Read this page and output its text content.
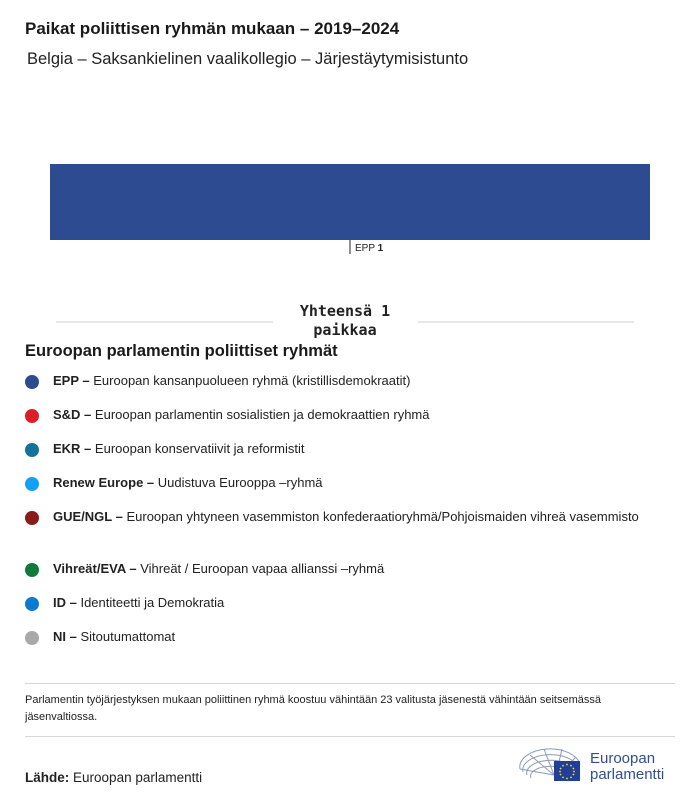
Paikat poliittisen ryhmän mukaan – 2019–2024
Belgia – Saksankielinen vaalikollegio – Järjestäytymisistunto
EPP 1
Yhteensä 1
paikkaa
Euroopan parlamentin poliittiset ryhmät
EPP – Euroopan kansanpuolueen ryhmä (kristillisdemokraatit)
S&D – Euroopan parlamentin sosialistien ja demokraattien ryhmä
EKR – Euroopan konservatiivit ja reformistit
Renew Europe – Uudistuva Eurooppa –ryhmä
GUE/NGL – Euroopan yhtyneen vasemmiston konfederaatioryhmä/Pohjoismaiden vihreä vasemmisto
Vihreät/EVA – Vihreät / Euroopan vapaa allianssi –ryhmä
ID – Identiteetti ja Demokratia
NI – Sitoutumattomat
Parlamentin työjärjestyksen mukaan poliittinen ryhmä koostuu vähintään 23 valitusta jäsenestä vähintään seitsemässä jäsenvaltiossa.
Lähde: Euroopan parlamentti
Euroopan
parlamentti
